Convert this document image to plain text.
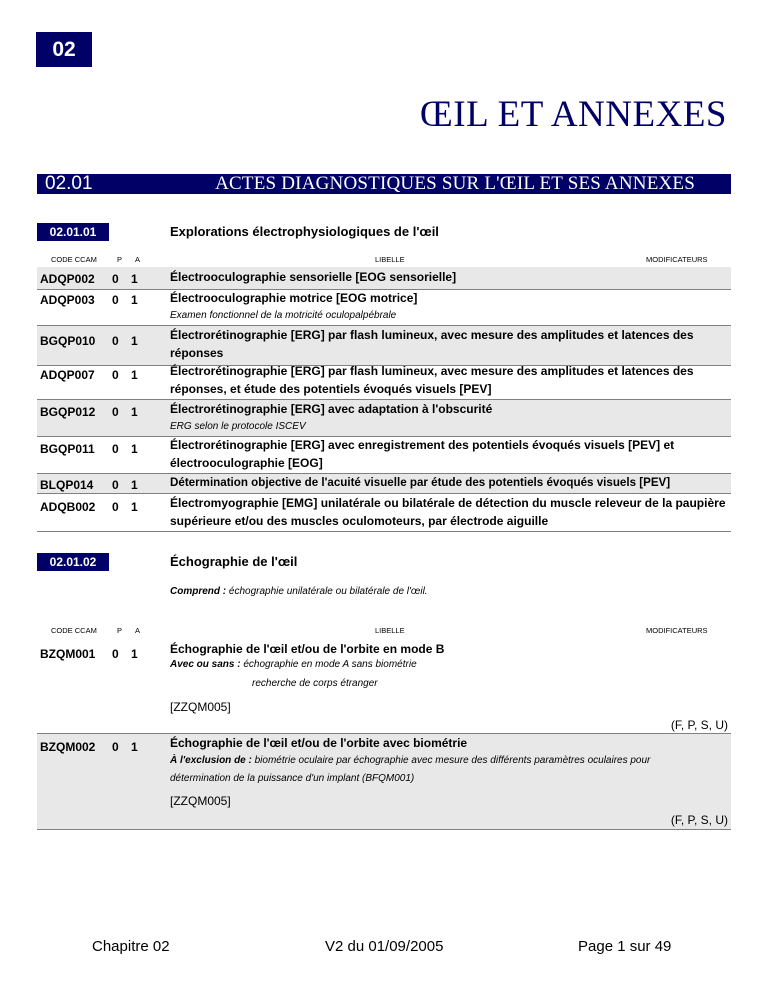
02
ŒIL ET ANNEXES
02.01	ACTES DIAGNOSTIQUES SUR L'ŒIL ET SES ANNEXES
02.01.01	Explorations électrophysiologiques de l'œil
CODE CCAM	P A	LIBELLE	MODIFICATEURS
ADQP002 0 1	Électrooculographie sensorielle [EOG sensorielle]
ADQP003 0 1	Électrooculographie motrice [EOG motrice]
Examen fonctionnel de la motricité oculopalpébrale
BGQP010 0 1	Électrorétinographie [ERG] par flash lumineux, avec mesure des amplitudes et latences des réponses
ADQP007 0 1	Électrorétinographie [ERG] par flash lumineux, avec mesure des amplitudes et latences des réponses, et étude des potentiels évoqués visuels [PEV]
BGQP012 0 1	Électrorétinographie [ERG] avec adaptation à l'obscurité
ERG selon le protocole ISCEV
BGQP011 0 1	Électrorétinographie [ERG] avec enregistrement des potentiels évoqués visuels [PEV] et électrooculographie [EOG]
BLQP014 0 1	Détermination objective de l'acuité visuelle par étude des potentiels évoqués visuels [PEV]
ADQB002 0 1	Électromyographie [EMG] unilatérale ou bilatérale de détection du muscle releveur de la paupière supérieure et/ou des muscles oculomoteurs, par électrode aiguille
02.01.02	Échographie de l'œil
Comprend : échographie unilatérale ou bilatérale de l'œil.
CODE CCAM	P A	LIBELLE	MODIFICATEURS
BZQM001 0 1	Échographie de l'œil et/ou de l'orbite en mode B
Avec ou sans : échographie en mode A sans biométrie
recherche de corps étranger
[ZZQM005]
(F, P, S, U)
BZQM002 0 1	Échographie de l'œil et/ou de l'orbite avec biométrie
À l'exclusion de : biométrie oculaire par échographie avec mesure des différents paramètres oculaires pour
détermination de la puissance d'un implant (BFQM001)
[ZZQM005]
(F, P, S, U)
Chapitre 02	V2 du 01/09/2005	Page 1 sur 49
